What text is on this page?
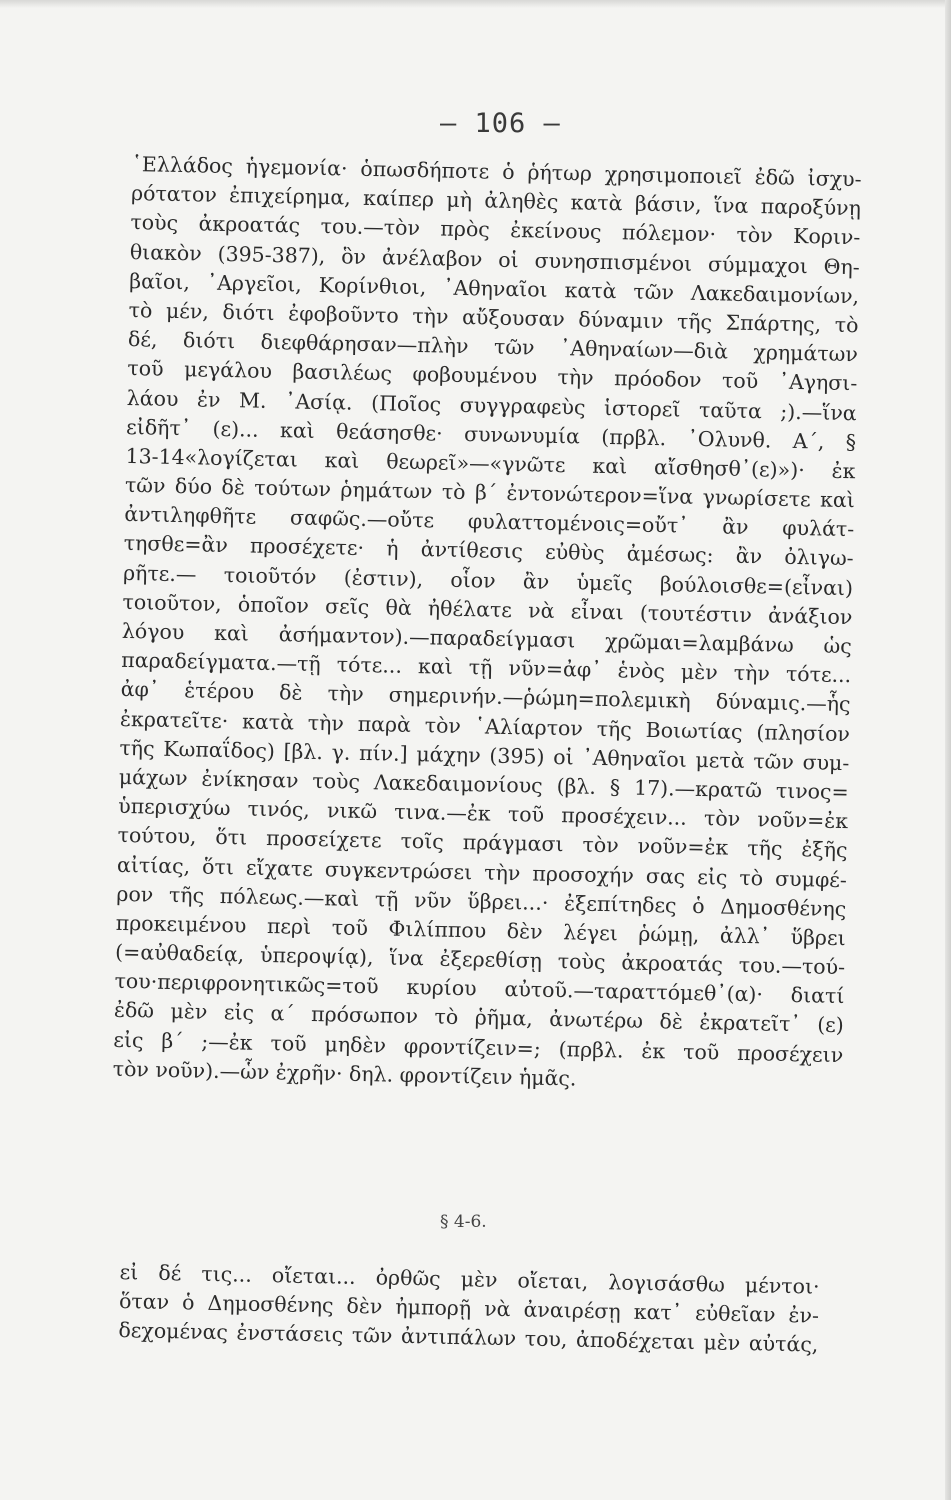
— 106 —
῾Ελλάδος ἡγεμονία· ὁπωσδήποτε ὁ ῥήτωρ χρησιμοποιεῖ ἐδῶ ἰσχυ-
ρότατον ἐπιχείρημα, καίπερ μὴ ἀληθὲς κατὰ βάσιν, ἵνα παροξύνῃ
τοὺς ἀκροατάς του.—τὸν πρὸς ἐκείνους πόλεμον· τὸν Κοριν-
θιακὸν (395-387), ὃν ἀνέλαβον οἱ συνησπισμένοι σύμμαχοι Θη-
βαῖοι, ᾿Αργεῖοι, Κορίνθιοι, ᾿Αθηναῖοι κατὰ τῶν Λακεδαιμονίων,
τὸ μέν, διότι ἐφοβοῦντο τὴν αὔξουσαν δύναμιν τῆς Σπάρτης, τὸ
δέ, διότι διεφθάρησαν—πλὴν τῶν ᾿Αθηναίων—διὰ χρημάτων
τοῦ μεγάλου βασιλέως φοβουμένου τὴν πρόοδον τοῦ ᾿Αγησι-
λάου ἐν Μ. ᾿Ασίᾳ. (Ποῖος συγγραφεὺς ἱστορεῖ ταῦτα ;).—ἵνα
εἰδῆτ᾽ (ε)... καὶ θεάσησθε· συνωνυμία (πρβλ. ᾿Ολυνθ. Α΄, §
13-14«λογίζεται καὶ θεωρεῖ»—«γνῶτε καὶ αἴσθησθ᾽(ε)»)· ἐκ
τῶν δύο δὲ τούτων ῥημάτων τὸ β΄ ἐντονώτερον=ἵνα γνωρίσετε καὶ
ἀντιληφθῆτε σαφῶς.—οὔτε φυλαττομένοις=οὔτ᾽ ἂν φυλάτ-
τησθε=ἂν προσέχετε· ἡ ἀντίθεσις εὐθὺς ἀμέσως: ἂν ὀλιγω-
ρῆτε.— τοιοῦτόν (ἐστιν), οἷον ἂν ὑμεῖς βούλοισθε=(εἶναι)
τοιοῦτον, ὁποῖον σεῖς θὰ ἠθέλατε νὰ εἶναι (τουτέστιν ἀνάξιον
λόγου καὶ ἀσήμαντον).—παραδείγμασι χρῶμαι=λαμβάνω ὡς
παραδείγματα.—τῇ τότε... καὶ τῇ νῦν=ἀφ᾽ ἑνὸς μὲν τὴν τότε...
ἀφ᾽ ἑτέρου δὲ τὴν σημερινήν.—ῥώμη=πολεμικὴ δύναμις.—ἧς
ἐκρατεῖτε· κατὰ τὴν παρὰ τὸν ῾Αλίαρτον τῆς Βοιωτίας (πλησίον
τῆς Κωπαΐδος) [βλ. γ. πίν.] μάχην (395) οἱ ᾿Αθηναῖοι μετὰ τῶν συμ-
μάχων ἐνίκησαν τοὺς Λακεδαιμονίους (βλ. § 17).—κρατῶ τινος=
ὑπερισχύω τινός, νικῶ τινα.—ἐκ τοῦ προσέχειν... τὸν νοῦν=ἐκ
τούτου, ὅτι προσείχετε τοῖς πράγμασι τὸν νοῦν=ἐκ τῆς ἐξῆς
αἰτίας, ὅτι εἴχατε συγκεντρώσει τὴν προσοχήν σας εἰς τὸ συμφέ-
ρον τῆς πόλεως.—καὶ τῇ νῦν ὕβρει...· ἐξεπίτηδες ὁ Δημοσθένης
προκειμένου περὶ τοῦ Φιλίππου δὲν λέγει ῥώμῃ, ἀλλ᾽ ὕβρει
(=αὐθαδείᾳ, ὑπεροψίᾳ), ἵνα ἐξερεθίσῃ τοὺς ἀκροατάς του.—τού-
του·περιφρονητικῶς=τοῦ κυρίου αὐτοῦ.—ταραττόμεθ᾽(α)· διατί
ἐδῶ μὲν εἰς α΄ πρόσωπον τὸ ῥῆμα, ἀνωτέρω δὲ ἐκρατεῖτ᾽ (ε)
εἰς β΄ ;—ἐκ τοῦ μηδὲν φροντίζειν=; (πρβλ. ἐκ τοῦ προσέχειν
τὸν νοῦν).—ὧν ἐχρῆν· δηλ. φροντίζειν ἡμᾶς.
§ 4-6.
εἰ δέ τις... οἴεται... ὀρθῶς μὲν οἴεται, λογισάσθω μέντοι·
ὅταν ὁ Δημοσθένης δὲν ἠμπορῇ νὰ ἀναιρέσῃ κατ᾽ εὐθεῖαν ἐν-
δεχομένας ἐνστάσεις τῶν ἀντιπάλων του, ἀποδέχεται μὲν αὐτάς,
